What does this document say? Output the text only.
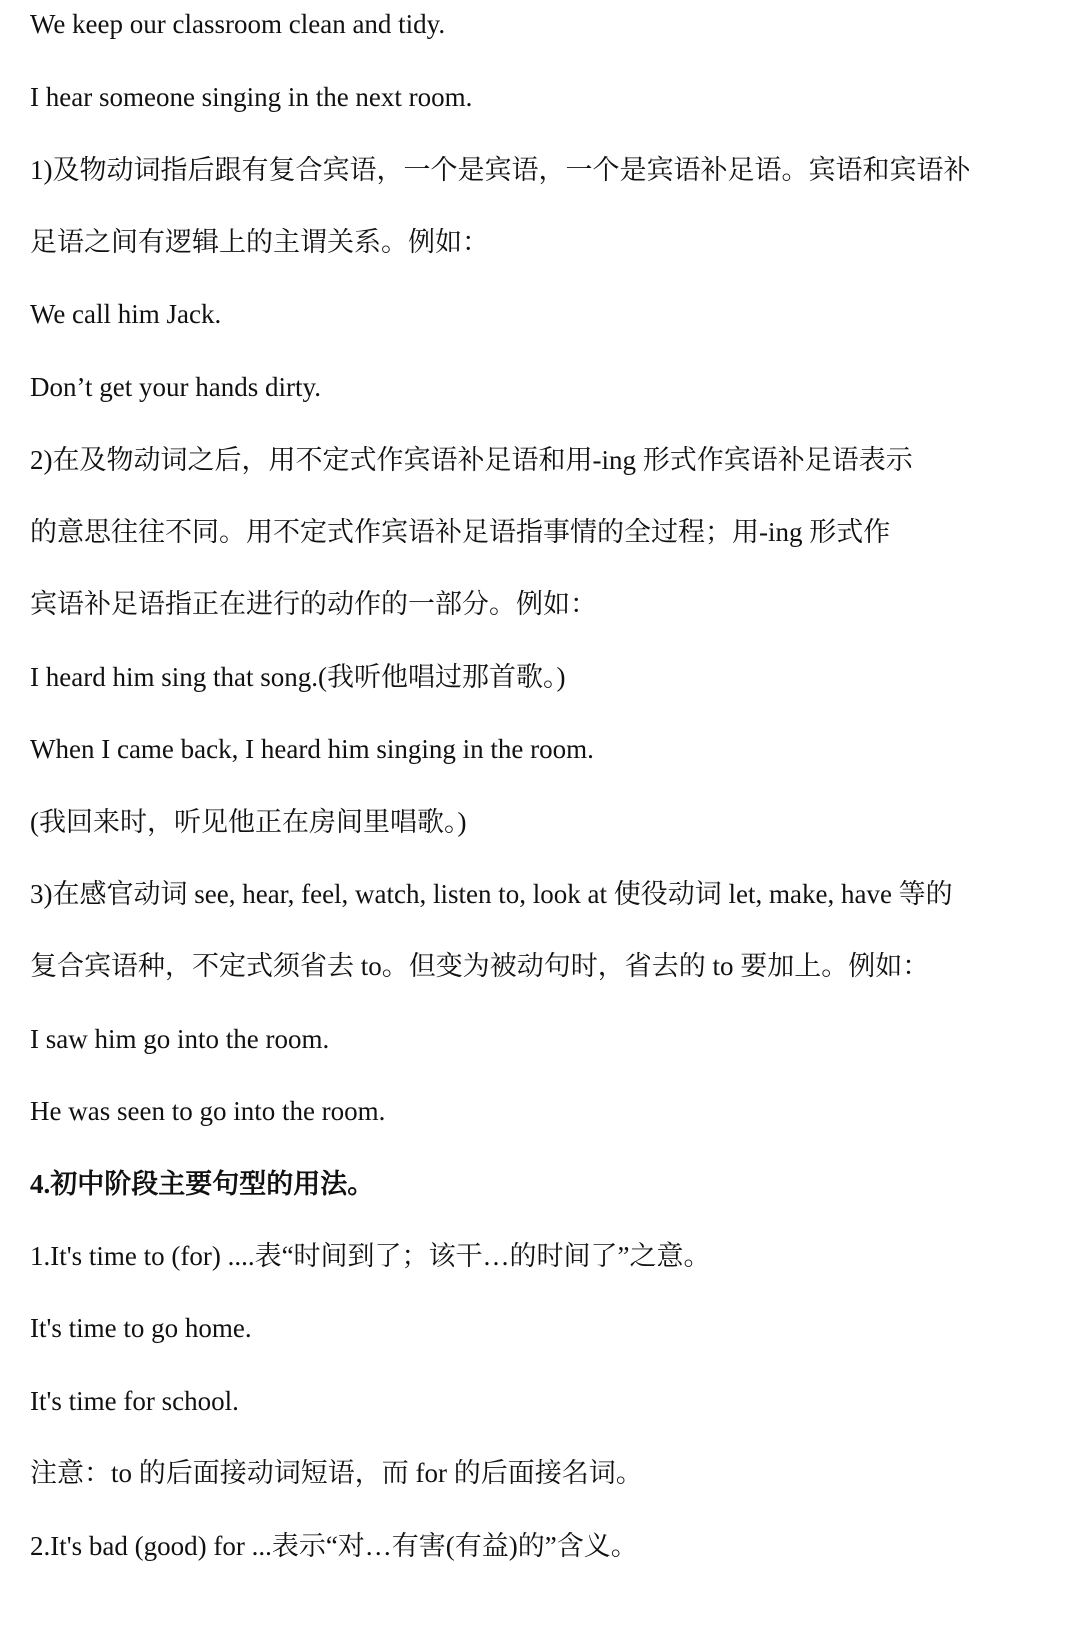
We keep our classroom clean and tidy.
I hear someone singing in the next room.
1)及物动词指后跟有复合宾语，一个是宾语，一个是宾语补足语。宾语和宾语补
足语之间有逻辑上的主谓关系。例如：
We call him Jack.
Don’t get your hands dirty.
2)在及物动词之后，用不定式作宾语补足语和用-ing 形式作宾语补足语表示
的意思往往不同。用不定式作宾语补足语指事情的全过程；用-ing 形式作
宾语补足语指正在进行的动作的一部分。例如：
I heard him sing that song.(我听他唱过那首歌。)
When I came back, I heard him singing in the room.
(我回来时，听见他正在房间里唱歌。)
3)在感官动词 see, hear, feel, watch, listen to, look at 使役动词 let, make, have 等的
复合宾语种，不定式须省去 to。但变为被动句时，省去的 to 要加上。例如：
I saw him go into the room.
He was seen to go into the room.
4.初中阶段主要句型的用法。
1.It's time to (for) ....表“时间到了；该干…的时间了”之意。
It's time to go home.
It's time for school.
注意：to 的后面接动词短语，而 for 的后面接名词。
2.It's bad (good) for ...表示“对…有害(有益)的”含义。
